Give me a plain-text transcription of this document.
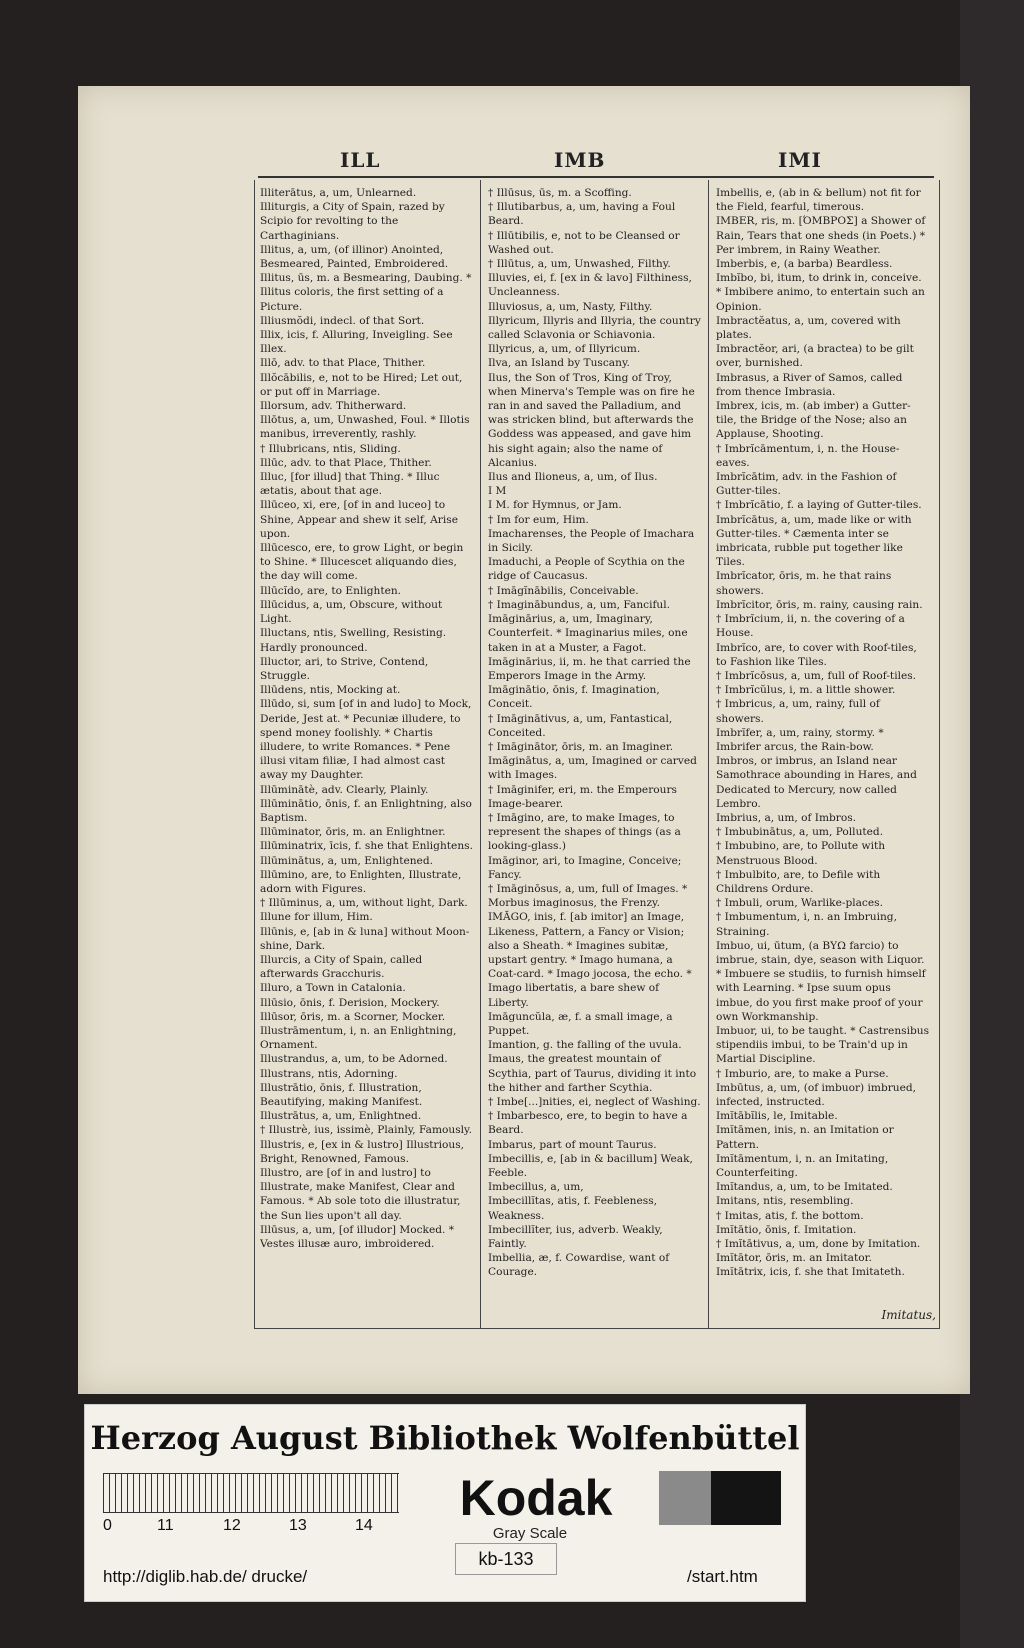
ILL	IMB	IMI
Illiterātus, a, um, Unlearned.
Illiturgis, a City of Spain, razed by Scipio for revolting to the Carthaginians.
Illitus, a, um, (of illinor) Anointed, Besmeared, Painted, Embroidered.
Illitus, ūs, m. a Besmearing, Daubing. * Illitus coloris, the first setting of a Picture.
Illiusmŏdi, indecl. of that Sort.
Illix, icis, f. Alluring, Inveigling. See Illex.
Illō, adv. to that Place, Thither.
Illŏcābilis, e, not to be Hired; Let out, or put off in Marriage.
Illorsum, adv. Thitherward.
Illōtus, a, um, Unwashed, Foul. * Illotis manibus, irreverently, rashly.
† Illubricans, ntis, Sliding.
Illūc, adv. to that Place, Thither.
Illuc, [for illud] that Thing. * Illuc ætatis, about that age.
Illūceo, xi, ere, [of in and luceo] to Shine, Appear and shew it self, Arise upon.
Illūcesco, ere, to grow Light, or begin to Shine. * Illucescet aliquando dies, the day will come.
Illūcĭdo, are, to Enlighten.
Illūcidus, a, um, Obscure, without Light.
Illuctans, ntis, Swelling, Resisting. Hardly pronounced.
Illuctor, ari, to Strive, Contend, Struggle.
Illūdens, ntis, Mocking at.
Illūdo, si, sum [of in and ludo] to Mock, Deride, Jest at. * Pecuniæ illudere, to spend money foolishly. * Chartis illudere, to write Romances. * Pene illusi vitam filiæ, I had almost cast away my Daughter.
Illūminātè, adv. Clearly, Plainly.
Illūminātio, ōnis, f. an Enlightning, also Baptism.
Illūminator, ōris, m. an Enlightner.
Illūminatrix, īcis, f. she that Enlightens.
Illūminātus, a, um, Enlightened.
Illūmino, are, to Enlighten, Illustrate, adorn with Figures.
† Illūminus, a, um, without light, Dark.
Illune for illum, Him.
Illūnis, e, [ab in & luna] without Moon-shine, Dark.
Illurcis, a City of Spain, called afterwards Gracchuris.
Illuro, a Town in Catalonia.
Illūsio, ōnis, f. Derision, Mockery.
Illūsor, ōris, m. a Scorner, Mocker.
Illustrāmentum, i, n. an Enlightning, Ornament.
Illustrandus, a, um, to be Adorned.
Illustrans, ntis, Adorning.
Illustrātio, ōnis, f. Illustration, Beautifying, making Manifest.
Illustrātus, a, um, Enlightned.
† Illustrè, ius, issimè, Plainly, Famously.
Illustris, e, [ex in & lustro] Illustrious, Bright, Renowned, Famous.
Illustro, are [of in and lustro] to Illustrate, make Manifest, Clear and Famous. * Ab sole toto die illustratur, the Sun lies upon't all day.
Illūsus, a, um, [of illudor] Mocked. * Vestes illusæ auro, imbroidered.
† Illūsus, ūs, m. a Scoffing.
† Illutibarbus, a, um, having a Foul Beard.
† Illūtibilis, e, not to be Cleansed or Washed out.
† Illūtus, a, um, Unwashed, Filthy.
Illuvies, ei, f. [ex in & lavo] Filthiness, Uncleanness.
Illuviosus, a, um, Nasty, Filthy.
Illyricum, Illyris and Illyria, the country called Sclavonia or Schiavonia.
Illyricus, a, um, of Illyricum.
Ilva, an Island by Tuscany.
Ilus, the Son of Tros, King of Troy, when Minerva's Temple was on fire he ran in and saved the Palladium, and was stricken blind, but afterwards the Goddess was appeased, and gave him his sight again; also the name of Alcanius.
Ilus and Ilioneus, a, um, of Ilus.
I M
I M. for Hymnus, or Jam.
† Im for eum, Him.
Imacharenses, the People of Imachara in Sicily.
Imaduchi, a People of Scythia on the ridge of Caucasus.
† Imāgĭnābilis, Conceivable.
† Imaginābundus, a, um, Fanciful.
Imāginārius, a, um, Imaginary, Counterfeit. * Imaginarius miles, one taken in at a Muster, a Fagot.
Imāginārius, ii, m. he that carried the Emperors Image in the Army.
Imāginātio, ōnis, f. Imagination, Conceit.
† Imāginātivus, a, um, Fantastical, Conceited.
† Imāginātor, ōris, m. an Imaginer.
Imāginātus, a, um, Imagined or carved with Images.
† Imāginifer, eri, m. the Emperours Image-bearer.
† Imāgino, are, to make Images, to represent the shapes of things (as a looking-glass.)
Imāginor, ari, to Imagine, Conceive; Fancy.
† Imāginōsus, a, um, full of Images. * Morbus imaginosus, the Frenzy.
IMĀGO, inis, f. [ab imitor] an Image, Likeness, Pattern, a Fancy or Vision; also a Sheath. * Imagines subitæ, upstart gentry. * Imago humana, a Coat-card. * Imago jocosa, the echo. * Imago libertatis, a bare shew of Liberty.
Imāguncŭla, æ, f. a small image, a Puppet.
Imantion, g. the falling of the uvula.
Imaus, the greatest mountain of Scythia, part of Taurus, dividing it into the hither and farther Scythia.
† Imbe[...]nities, ei, neglect of Washing.
† Imbarbesco, ere, to begin to have a Beard.
Imbarus, part of mount Taurus.
Imbecillis, e, [ab in & bacillum] Weak, Feeble.
Imbecillus, a, um,
Imbecillĭtas, atis, f. Feebleness, Weakness.
Imbecillĭter, ius, adverb. Weakly, Faintly.
Imbellia, æ, f. Cowardise, want of Courage.
Imbellis, e, (ab in & bellum) not fit for the Field, fearful, timerous.
IMBER, ris, m. [ΌΜΒΡΟΣ] a Shower of Rain, Tears that one sheds (in Poets.) * Per imbrem, in Rainy Weather.
Imberbis, e, (a barba) Beardless.
Imbĭbo, bi, itum, to drink in, conceive. * Imbibere animo, to entertain such an Opinion.
Imbractĕatus, a, um, covered with plates.
Imbractĕor, ari, (a bractea) to be gilt over, burnished.
Imbrasus, a River of Samos, called from thence Imbrasia.
Imbrex, icis, m. (ab imber) a Gutter-tile, the Bridge of the Nose; also an Applause, Shooting.
† Imbrĭcāmentum, i, n. the House-eaves.
Imbrĭcātim, adv. in the Fashion of Gutter-tiles.
† Imbrĭcātio, f. a laying of Gutter-tiles.
Imbrĭcātus, a, um, made like or with Gutter-tiles. * Cæmenta inter se imbricata, rubble put together like Tiles.
Imbrĭcator, ōris, m. he that rains showers.
Imbrĭcitor, ōris, m. rainy, causing rain.
† Imbrĭcium, ii, n. the covering of a House.
Imbrĭco, are, to cover with Roof-tiles, to Fashion like Tiles.
† Imbrĭcōsus, a, um, full of Roof-tiles.
† Imbrĭcŭlus, i, m. a little shower.
† Imbricus, a, um, rainy, full of showers.
Imbrĭfer, a, um, rainy, stormy. * Imbrifer arcus, the Rain-bow.
Imbros, or imbrus, an Island near Samothrace abounding in Hares, and Dedicated to Mercury, now called Lembro.
Imbrius, a, um, of Imbros.
† Imbubinātus, a, um, Polluted.
† Imbubino, are, to Pollute with Menstruous Blood.
† Imbulbito, are, to Defile with Childrens Ordure.
† Imbuli, orum, Warlike-places.
† Imbumentum, i, n. an Imbruing, Straining.
Imbuo, ui, ūtum, (a ΒΥΩ farcio) to imbrue, stain, dye, season with Liquor. * Imbuere se studiis, to furnish himself with Learning. * Ipse suum opus imbue, do you first make proof of your own Workmanship.
Imbuor, ui, to be taught. * Castrensibus stipendiis imbui, to be Train'd up in Martial Discipline.
† Imburio, are, to make a Purse.
Imbūtus, a, um, (of imbuor) imbrued, infected, instructed.
Imĭtābĭlis, le, Imitable.
Imĭtāmen, inis, n. an Imitation or Pattern.
Imĭtāmentum, i, n. an Imitating, Counterfeiting.
Imĭtandus, a, um, to be Imitated.
Imitans, ntis, resembling.
† Imitas, atis, f. the bottom.
Imĭtātio, ōnis, f. Imitation.
† Imĭtātivus, a, um, done by Imitation.
Imĭtātor, ōris, m. an Imitator.
Imĭtātrix, icis, f. she that Imitateth.
Imitatus,
Herzog August Bibliothek Wolfenbüttel
0	11	12	13	14	Kodak
Gray Scale
kb-133
http://diglib.hab.de/ drucke/	/start.htm
